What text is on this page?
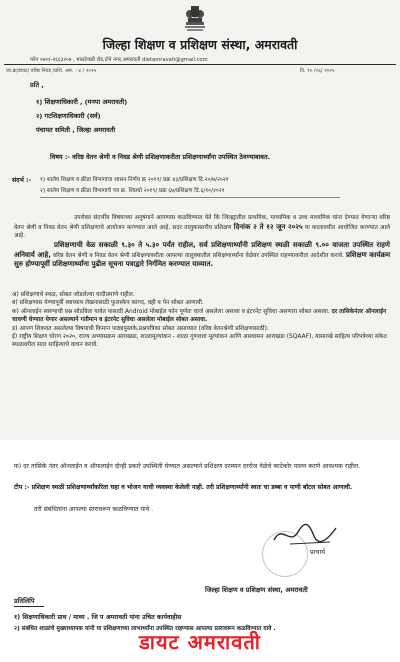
जिल्हा शिक्षण व प्रशिक्षण संस्था, अमरावती
फोन ०७२१-२६६३२०७ , मालटेकडी रोड,टोपे नगर,अमरावती dietamravati@gmail.com
जा.क्र/डायट/ वरिष्ठ निवड /प्रशि. अम. - ४ / २०२५	दि. १० /०६/ २०२५
प्रति ,
१) शिक्षणाधिकारी , (मनपा अमरावती)
२) गटशिक्षणाधिकारी (सर्व)
पंचायत समिती , जिल्हा अमरावती
विषय :- वरिष्ठ वेतन श्रेणी व निवड श्रेणी प्रशिक्षणाकरीता प्रशिक्षणार्थ्यांना उपस्थित ठेवण्याबाबत.
संदर्भ :- १) शालेय शिक्षण व क्रीडा विभागाचा शासन निर्णय क्र २०१९/ प्रक्र ४३/प्रशिक्षण दि.२०/७/२०२१
२) शालेय शिक्षण व क्रीडा विभागाचे पत्र क्र. शिप्रधो २०१९/ प्रक्र ६७/प्रशिक्षण दि.६/१०/२०२१
उपरोक्त संदर्भीय विषयाच्या अनुषंगाने आपणास कळविण्यात येते कि जिल्ह्यातील प्राथमिक, माध्यमिक व उच्च माध्यमिक यांना देण्यात येणाऱ्या वरिष्ठ वेतन श्रेणी व निवड वेतन श्रेणी प्रशिक्षणाचे आयोजन करण्यात आले आहे. सदर तालुकास्तरीय प्रशिक्षण दिनांक २ ते १२ जून २०२५ या कालावधीत आयोजित करण्यात आले आहे.
प्रशिक्षणाची वेळ सकाळी ९.३० ते ५.३० पर्यंत राहील, सर्व प्रशिक्षणार्थ्यांनी प्रशिक्षण स्थळी सकाळी ९.०० वाजता उपस्थित राहणे अनिवार्य आहे, वरिष्ठ वेतन श्रेणी व निवड वेतन श्रेणी प्रशिक्षणाकरीता आपल्या तालुक्यातील प्रशिक्षणार्थ्यांना वेळेवर उपस्थित राहण्याकरीता आदेशीत करावे. प्रशिक्षण कार्यक्रम सुरु होण्यापूर्वी प्रशिक्षणार्थ्यांना पुढील सूचना पत्राद्वारे निर्गमित करण्यात याव्यात.
अ) प्रशिक्षणाचे स्थळ, सोबत जोडलेल्या यादीप्रमाणे राहील.
ब) प्रशिक्षणास येण्यापूर्वी स्वाध्याय लेखनासाठी फुलस्केप कागद, वही व पेन सोबत आणावी.
क) ऑनलाईन स्वरुपाची प्रश्न सोडविता यावेत यासाठी Android मोबाईल फोन पूर्णतः चार्ज असलेला असावा व इंटरनेट सुविधा असणारा सोबत असावा. दर तासिकेनंतर ऑनलाईन चाचणी घेण्यात येणार असल्याने गतीमान व इंटरनेट सुविधा असलेला मोबाईल सोबत असावा.
ड) आपण शिकवत असलेल्या विषयाची किमान पाठ्यपुस्तके,प्रश्नपत्रिका सोबत असाव्यात (वरिष्ठ वेतनश्रेणी प्रशिक्षणासाठी).
ई) राष्ट्रीय शिक्षण धोरण २०२०, राज्य अभ्यासक्रम आराखडा, शाळामूल्यांकन - शाळा गुणवत्ता मूल्यांकन आणि आश्वासन आराखडा (SQAAF), यासारखे साहित्य परिपत्रेच्या संकेत स्थळावरील सदर साहित्याचे वाचन करावे.
फ) दर तासिके नंतर ऑनलाईन व ऑफलाईन दोन्ही प्रकारे उपस्थिती घेण्यात असल्याने प्रशिक्षण दरम्यान दररोज वेळेचे काटेकोर पालन करणे आवश्यक राहील.
टीप :- प्रशिक्षण स्थळी प्रशिक्षणार्थ्यांकरिता चहा व भोजन याची व्यवस्था केलेली नाही. तरी प्रशिक्षणार्थ्यांनी स्वतः चा डब्बा व पाणी बॉटल सोबत आणावी.
तरी संबंधितांना आपल्या स्तरावरून कळविण्यात यावे .
प्राचार्य
जिल्हा शिक्षण व प्रशिक्षण संस्था, अमरावती
प्रतिलिपि
१) शिक्षणाधिकारी प्राथ / माध्य . जि प अमरावती यांना उचित कार्यवाहीस
२) संबंधित शाळांचे मुख्याध्यापक यांनी या प्रशिक्षणाच्या लाभार्थ्यांना उपस्थित राहण्यास आपल्या स्तरावरून कळविण्यात यावे .
डायट अमरावती
